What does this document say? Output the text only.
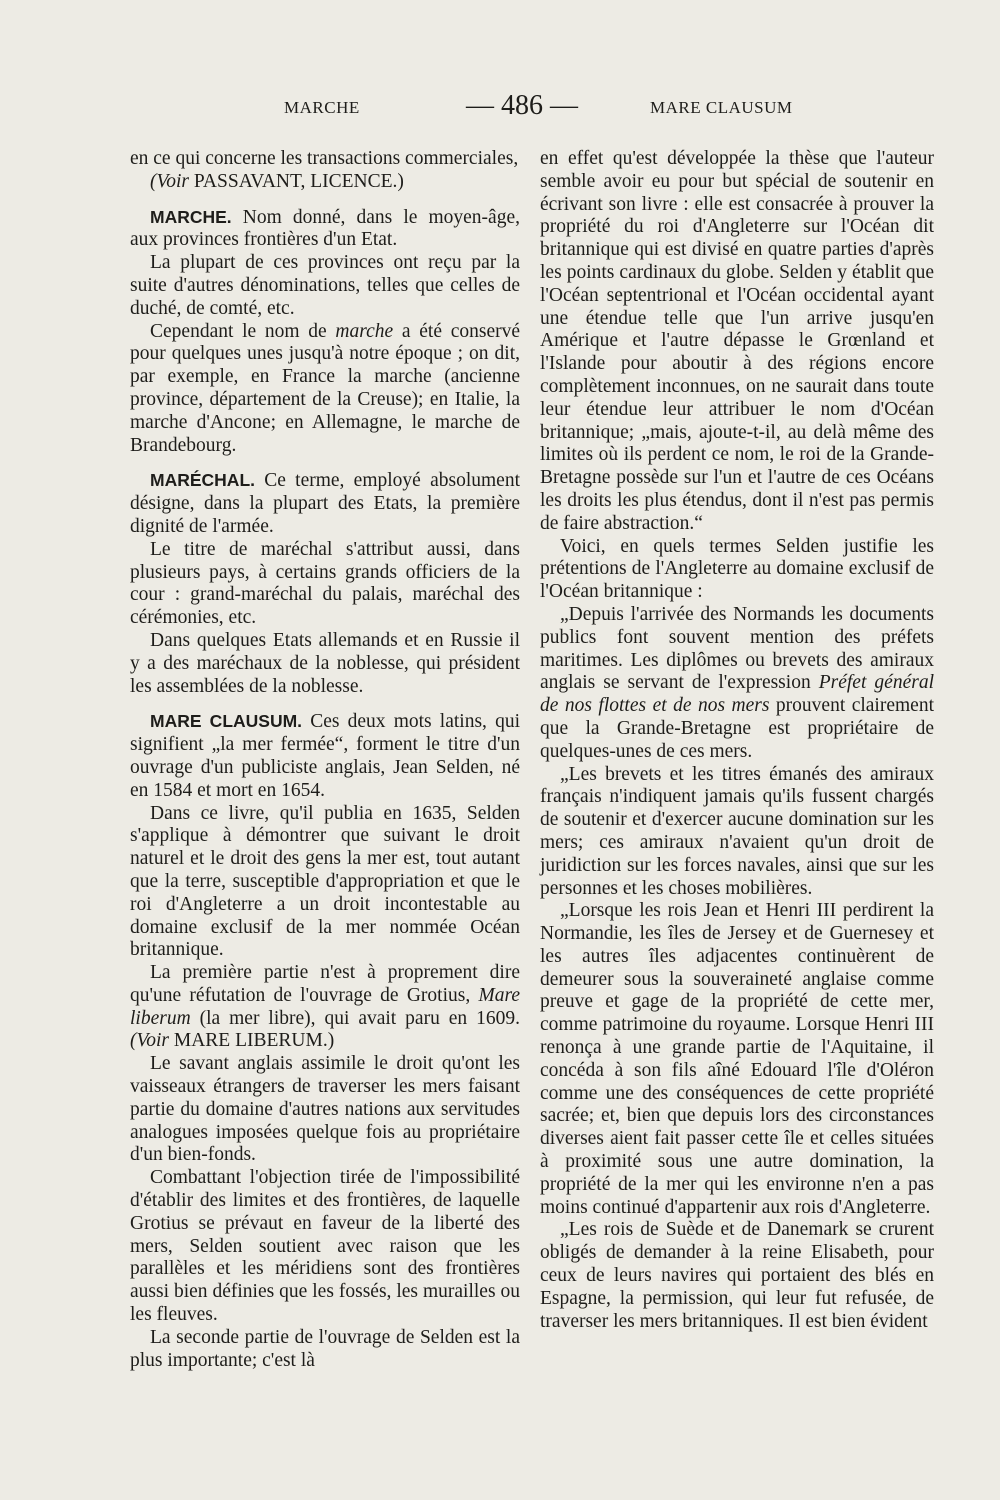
MARCHE	— 486 —	MARE CLAUSUM

en ce qui concerne les transactions commerciales,

(Voir PASSAVANT, LICENCE.)

MARCHE. Nom donné, dans le moyen-âge, aux provinces frontières d'un Etat.

La plupart de ces provinces ont reçu par la suite d'autres dénominations, telles que celles de duché, de comté, etc.

Cependant le nom de marche a été conservé pour quelques unes jusqu'à notre époque ; on dit, par exemple, en France la marche (ancienne province, département de la Creuse); en Italie, la marche d'Ancone; en Allemagne, le marche de Brandebourg.

MARÉCHAL. Ce terme, employé absolument désigne, dans la plupart des Etats, la première dignité de l'armée.

Le titre de maréchal s'attribut aussi, dans plusieurs pays, à certains grands officiers de la cour : grand-maréchal du palais, maréchal des cérémonies, etc.

Dans quelques Etats allemands et en Russie il y a des maréchaux de la noblesse, qui président les assemblées de la noblesse.

MARE CLAUSUM. Ces deux mots latins, qui signifient „la mer fermée“, forment le titre d'un ouvrage d'un publiciste anglais, Jean Selden, né en 1584 et mort en 1654.

Dans ce livre, qu'il publia en 1635, Selden s'applique à démontrer que suivant le droit naturel et le droit des gens la mer est, tout autant que la terre, susceptible d'appropriation et que le roi d'Angleterre a un droit incontestable au domaine exclusif de la mer nommée Océan britannique.

La première partie n'est à proprement dire qu'une réfutation de l'ouvrage de Grotius, Mare liberum (la mer libre), qui avait paru en 1609. (Voir MARE LIBERUM.)

Le savant anglais assimile le droit qu'ont les vaisseaux étrangers de traverser les mers faisant partie du domaine d'autres nations aux servitudes analogues imposées quelque fois au propriétaire d'un bien-fonds.

Combattant l'objection tirée de l'impossibilité d'établir des limites et des frontières, de laquelle Grotius se prévaut en faveur de la liberté des mers, Selden soutient avec raison que les parallèles et les méridiens sont des frontières aussi bien définies que les fossés, les murailles ou les fleuves.

La seconde partie de l'ouvrage de Selden est la plus importante; c'est là

en effet qu'est développée la thèse que l'auteur semble avoir eu pour but spécial de soutenir en écrivant son livre : elle est consacrée à prouver la propriété du roi d'Angleterre sur l'Océan dit britannique qui est divisé en quatre parties d'après les points cardinaux du globe. Selden y établit que l'Océan septentrional et l'Océan occidental ayant une étendue telle que l'un arrive jusqu'en Amérique et l'autre dépasse le Grœnland et l'Islande pour aboutir à des régions encore complètement inconnues, on ne saurait dans toute leur étendue leur attribuer le nom d'Océan britannique; „mais, ajoute-t-il, au delà même des limites où ils perdent ce nom, le roi de la Grande-Bretagne possède sur l'un et l'autre de ces Océans les droits les plus étendus, dont il n'est pas permis de faire abstraction.“

Voici, en quels termes Selden justifie les prétentions de l'Angleterre au domaine exclusif de l'Océan britannique :

„Depuis l'arrivée des Normands les documents publics font souvent mention des préfets maritimes. Les diplômes ou brevets des amiraux anglais se servant de l'expression Préfet général de nos flottes et de nos mers prouvent clairement que la Grande-Bretagne est propriétaire de quelques-unes de ces mers.

„Les brevets et les titres émanés des amiraux français n'indiquent jamais qu'ils fussent chargés de soutenir et d'exercer aucune domination sur les mers; ces amiraux n'avaient qu'un droit de juridiction sur les forces navales, ainsi que sur les personnes et les choses mobilières.

„Lorsque les rois Jean et Henri III perdirent la Normandie, les îles de Jersey et de Guernesey et les autres îles adjacentes continuèrent de demeurer sous la souveraineté anglaise comme preuve et gage de la propriété de cette mer, comme patrimoine du royaume. Lorsque Henri III renonça à une grande partie de l'Aquitaine, il concéda à son fils aîné Edouard l'île d'Oléron comme une des conséquences de cette propriété sacrée; et, bien que depuis lors des circonstances diverses aient fait passer cette île et celles situées à proximité sous une autre domination, la propriété de la mer qui les environne n'en a pas moins continué d'appartenir aux rois d'Angleterre.

„Les rois de Suède et de Danemark se crurent obligés de demander à la reine Elisabeth, pour ceux de leurs navires qui portaient des blés en Espagne, la permission, qui leur fut refusée, de traverser les mers britanniques. Il est bien évident
